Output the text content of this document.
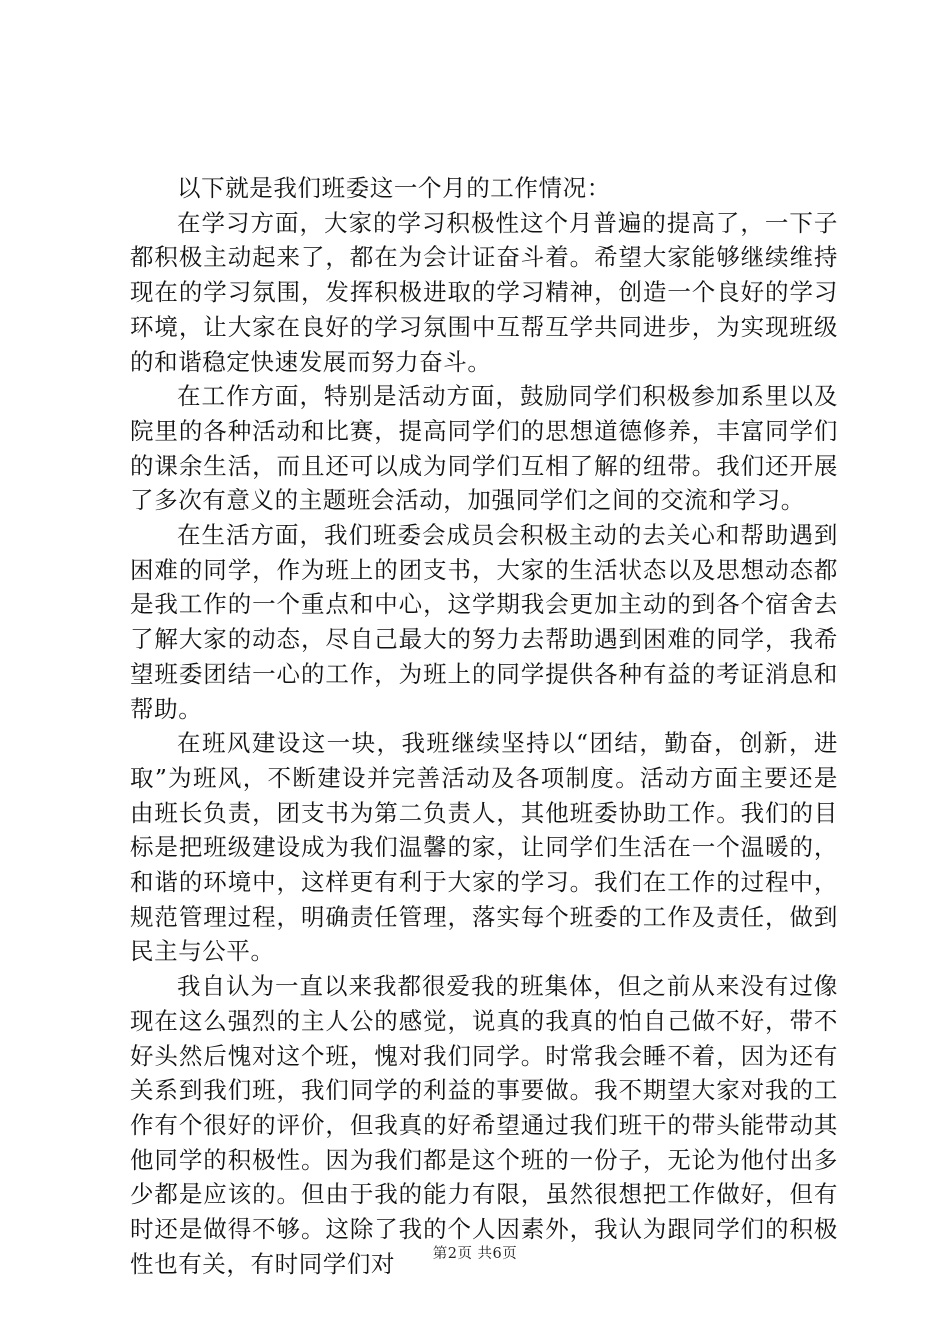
以下就是我们班委这一个月的工作情况：

在学习方面，大家的学习积极性这个月普遍的提高了，一下子都积极主动起来了，都在为会计证奋斗着。希望大家能够继续维持现在的学习氛围，发挥积极进取的学习精神，创造一个良好的学习环境，让大家在良好的学习氛围中互帮互学共同进步，为实现班级的和谐稳定快速发展而努力奋斗。

在工作方面，特别是活动方面，鼓励同学们积极参加系里以及院里的各种活动和比赛，提高同学们的思想道德修养，丰富同学们的课余生活，而且还可以成为同学们互相了解的纽带。我们还开展了多次有意义的主题班会活动，加强同学们之间的交流和学习。

在生活方面，我们班委会成员会积极主动的去关心和帮助遇到困难的同学，作为班上的团支书，大家的生活状态以及思想动态都是我工作的一个重点和中心，这学期我会更加主动的到各个宿舍去了解大家的动态，尽自己最大的努力去帮助遇到困难的同学，我希望班委团结一心的工作，为班上的同学提供各种有益的考证消息和帮助。

在班风建设这一块，我班继续坚持以“团结，勤奋，创新，进取”为班风，不断建设并完善活动及各项制度。活动方面主要还是由班长负责，团支书为第二负责人，其他班委协助工作。我们的目标是把班级建设成为我们温馨的家，让同学们生活在一个温暖的，和谐的环境中，这样更有利于大家的学习。我们在工作的过程中，规范管理过程，明确责任管理，落实每个班委的工作及责任，做到民主与公平。

我自认为一直以来我都很爱我的班集体，但之前从来没有过像现在这么强烈的主人公的感觉，说真的我真的怕自己做不好，带不好头然后愧对这个班，愧对我们同学。时常我会睡不着，因为还有关系到我们班，我们同学的利益的事要做。我不期望大家对我的工作有个很好的评价，但我真的好希望通过我们班干的带头能带动其他同学的积极性。因为我们都是这个班的一份子，无论为他付出多少都是应该的。但由于我的能力有限，虽然很想把工作做好，但有时还是做得不够。这除了我的个人因素外，我认为跟同学们的积极性也有关，有时同学们对	第2页 共6页
